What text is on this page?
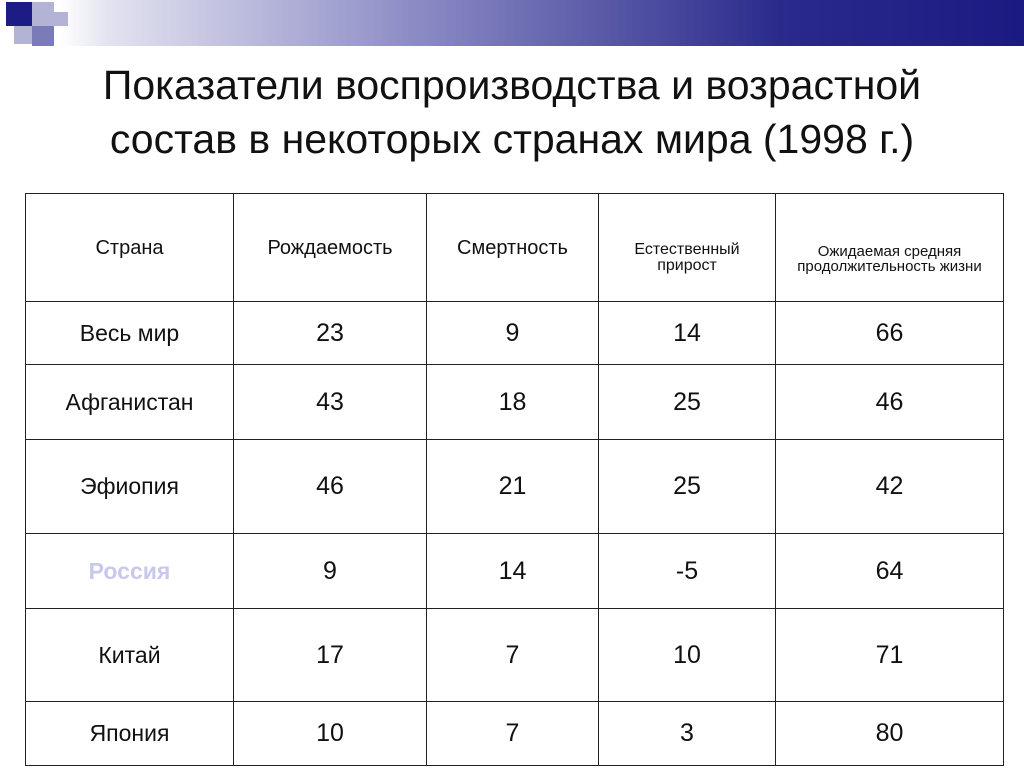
Показатели воспроизводства и возрастной
состав в некоторых странах мира (1998 г.)
Страна	Рождаемость	Смертность	Естественный прирост	Ожидаемая средняя продолжительность жизни
Весь мир	23	9	14	66
Афганистан	43	18	25	46
Эфиопия	46	21	25	42
Россия	9	14	-5	64
Китай	17	7	10	71
Япония	10	7	3	80
